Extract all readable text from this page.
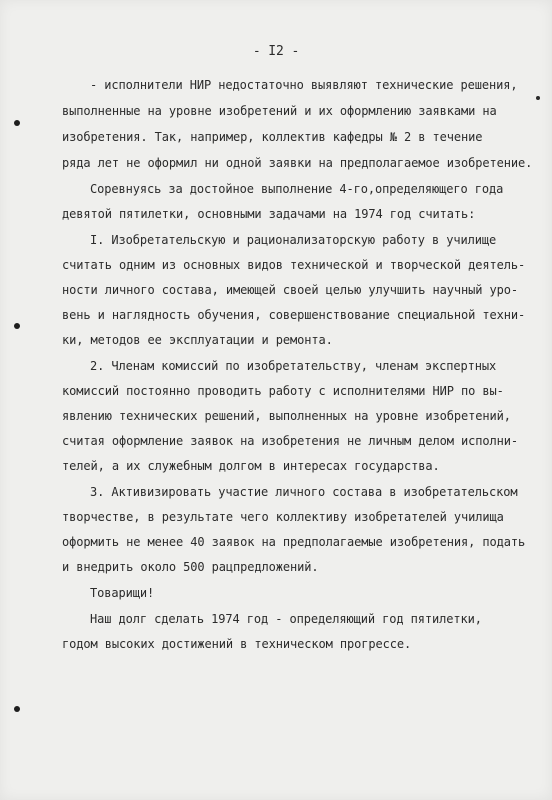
- I2 -
- исполнители НИР недостаточно выявляют технические решения,
выполненные на уровне изобретений и их оформлению заявками на
изобретения. Так, например, коллектив кафедры № 2 в течение
ряда лет не оформил ни одной заявки на предполагаемое изобретение.
Соревнуясь за достойное выполнение 4-го,определяющего года
девятой пятилетки, основными задачами на 1974 год считать:
I. Изобретательскую и рационализаторскую работу в училище
считать одним из основных видов технической и творческой деятель-
ности личного состава, имеющей своей целью улучшить научный уро-
вень и наглядность обучения, совершенствование специальной техни-
ки, методов ее эксплуатации и ремонта.
2. Членам комиссий по изобретательству, членам экспертных
комиссий постоянно проводить работу с исполнителями НИР по вы-
явлению технических решений, выполненных на уровне изобретений,
считая оформление заявок на изобретения не личным делом исполни-
телей, а их служебным долгом в интересах государства.
3. Активизировать участие личного состава в изобретательском
творчестве, в результате чего коллективу изобретателей училища
оформить не менее 40 заявок на предполагаемые изобретения, подать
и внедрить около 500 рацпредложений.
Товарищи!
Наш долг сделать 1974 год - определяющий год пятилетки,
годом высоких достижений в техническом прогрессе.
